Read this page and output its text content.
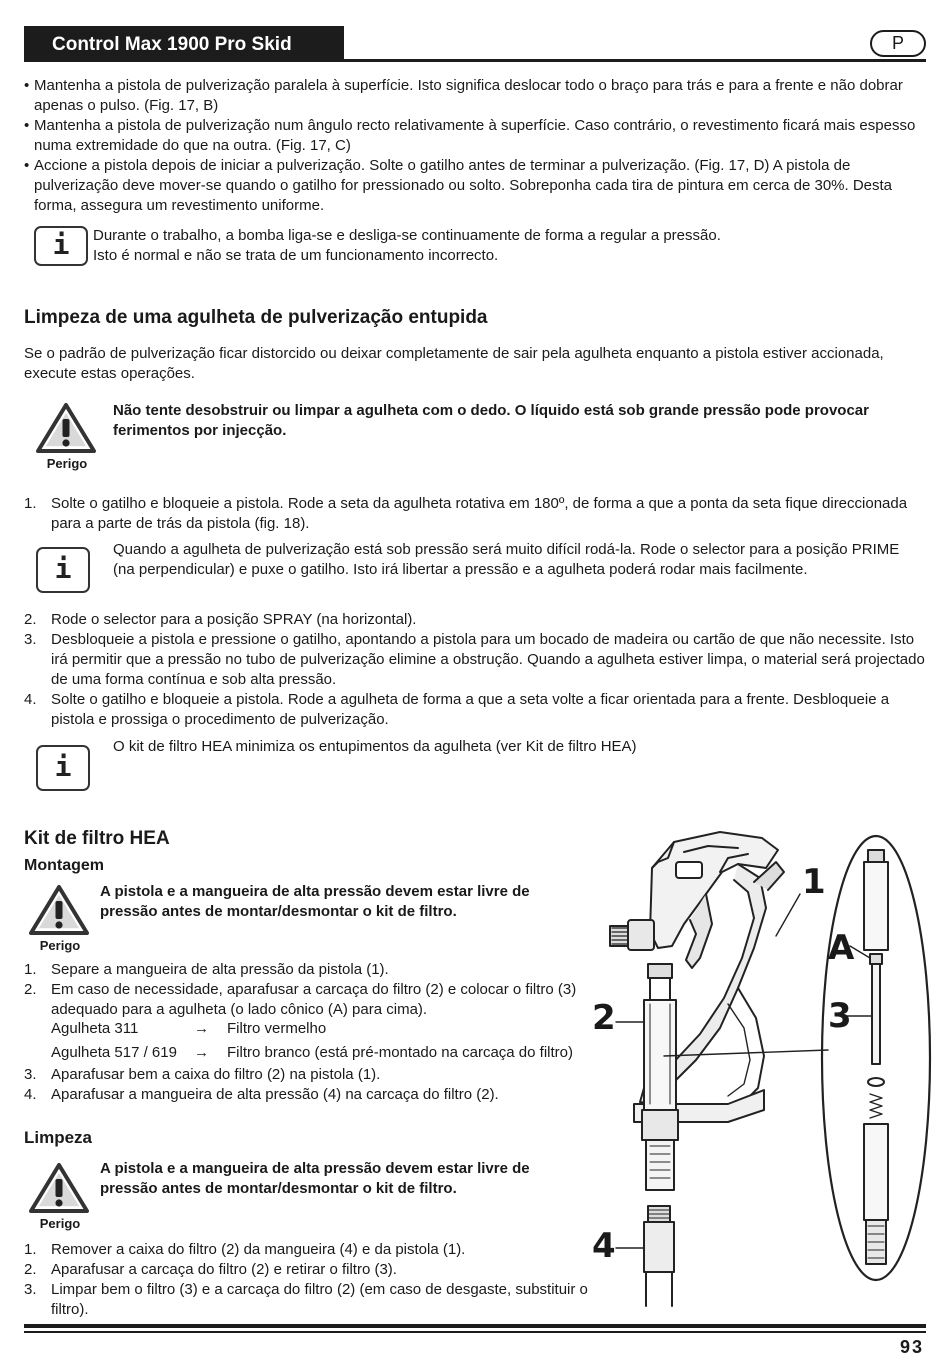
Control Max 1900 Pro Skid	P
• Mantenha a pistola de pulverização paralela à superfície. Isto significa deslocar todo o braço para trás e para a frente e não dobrar apenas o pulso. (Fig. 17, B)
• Mantenha a pistola de pulverização num ângulo recto relativamente à superfície. Caso contrário, o revestimento ficará mais espesso numa extremidade do que na outra. (Fig. 17, C)
• Accione a pistola depois de iniciar a pulverização. Solte o gatilho antes de terminar a pulverização. (Fig. 17, D) A pistola de pulverização deve mover-se quando o gatilho for pressionado ou solto. Sobreponha cada tira de pintura em cerca de 30%. Desta forma, assegura um revestimento uniforme.
i	Durante o trabalho, a bomba liga-se e desliga-se continuamente de forma a regular a pressão.
Isto é normal e não se trata de um funcionamento incorrecto.
Limpeza de uma agulheta de pulverização entupida
Se o padrão de pulverização ficar distorcido ou deixar completamente de sair pela agulheta enquanto a pistola estiver accionada, execute estas operações.
Perigo
Não tente desobstruir ou limpar a agulheta com o dedo. O líquido está sob grande pressão pode provocar ferimentos por injecção.
1. Solte o gatilho e bloqueie a pistola. Rode a seta da agulheta rotativa em 180º, de forma a que a ponta da seta fique direccionada para a parte de trás da pistola (fig. 18).
i
Quando a agulheta de pulverização está sob pressão será muito difícil rodá-la. Rode o selector para a posição PRIME (na perpendicular) e puxe o gatilho. Isto irá libertar a pressão e a agulheta poderá rodar mais facilmente.
2. Rode o selector para a posição SPRAY (na horizontal).
3. Desbloqueie a pistola e pressione o gatilho, apontando a pistola para um bocado de madeira ou cartão de que não necessite. Isto irá permitir que a pressão no tubo de pulverização elimine a obstrução. Quando a agulheta estiver limpa, o material será projectado de uma forma contínua e sob alta pressão.
4. Solte o gatilho e bloqueie a pistola. Rode a agulheta de forma a que a seta volte a ficar orientada para a frente. Desbloqueie a pistola e prossiga o procedimento de pulverização.
i
O kit de filtro HEA minimiza os entupimentos da agulheta (ver Kit de filtro HEA)
Kit de filtro HEA
Montagem
Perigo
A pistola e a mangueira de alta pressão devem estar livre de pressão antes de montar/desmontar o kit de filtro.
1. Separe a mangueira de alta pressão da pistola (1).
2. Em caso de necessidade, aparafusar a carcaça do filtro (2) e colocar o filtro (3) adequado para a agulheta (o lado cônico (A) para cima).
Agulheta 311	→ Filtro vermelho
Agulheta 517 / 619 → Filtro branco (está pré-montado na carcaça do filtro)
3. Aparafusar bem a caixa do filtro (2) na pistola (1).
4. Aparafusar a mangueira de alta pressão (4) na carcaça do filtro (2).
Limpeza
Perigo
A pistola e a mangueira de alta pressão devem estar livre de pressão antes de montar/desmontar o kit de filtro.
1. Remover a caixa do filtro (2) da mangueira (4) e da pistola (1).
2. Aparafusar a carcaça do filtro (2) e retirar o filtro (3).
3. Limpar bem o filtro (3) e a carcaça do filtro (2) (em caso de desgaste, substituir o filtro).
2
4
1
3
A
93
